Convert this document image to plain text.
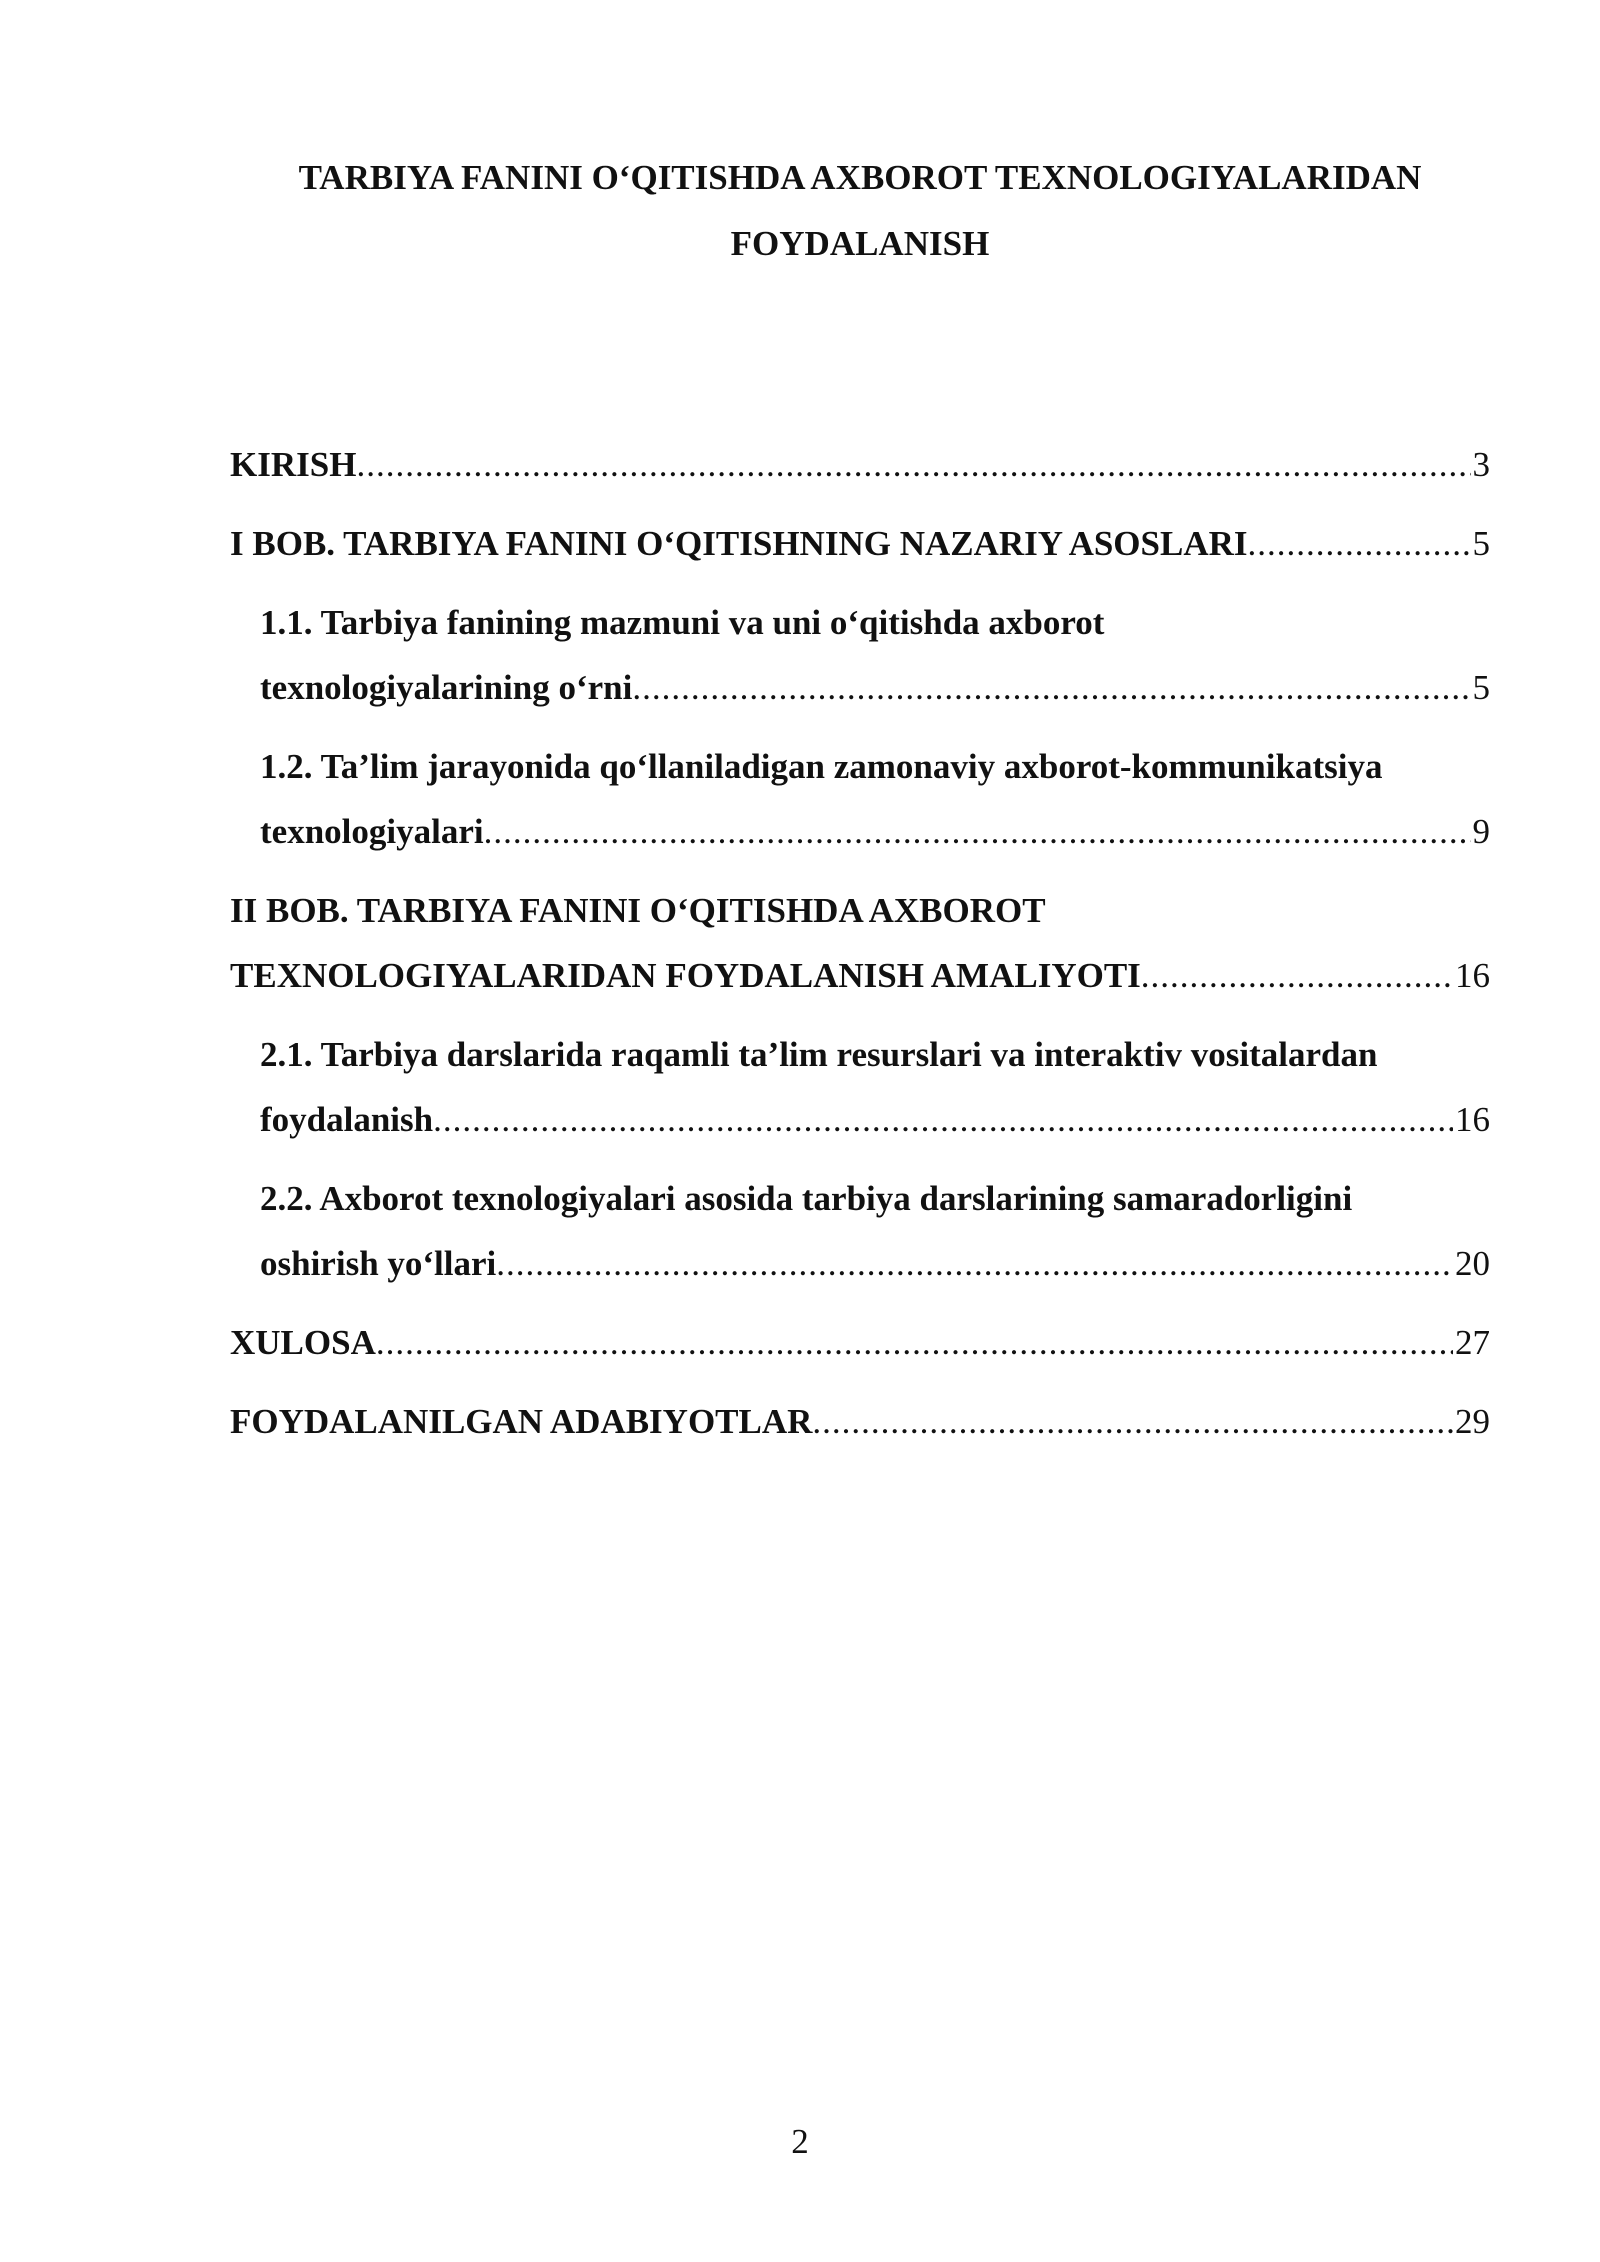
TARBIYA FANINI O‘QITISHDA AXBOROT TEXNOLOGIYALARIDAN
FOYDALANISH
KIRISH .....	3
I BOB. TARBIYA FANINI O‘QITISHNING NAZARIY ASOSLARI .....	5
1.1. Tarbiya fanining mazmuni va uni o‘qitishda axborot
texnologiyalarining o‘rni .....	5
1.2. Ta’lim jarayonida qo‘llaniladigan zamonaviy axborot-kommunikatsiya
texnologiyalari .....	9
II BOB. TARBIYA FANINI O‘QITISHDA AXBOROT
TEXNOLOGIYALARIDAN FOYDALANISH AMALIYOTI .....	16
2.1. Tarbiya darslarida raqamli ta’lim resurslari va interaktiv vositalardan
foydalanish .....	16
2.2. Axborot texnologiyalari asosida tarbiya darslarining samaradorligini
oshirish yo‘llari .....	20
XULOSA .....	27
FOYDALANILGAN ADABIYOTLAR .....	29
2
